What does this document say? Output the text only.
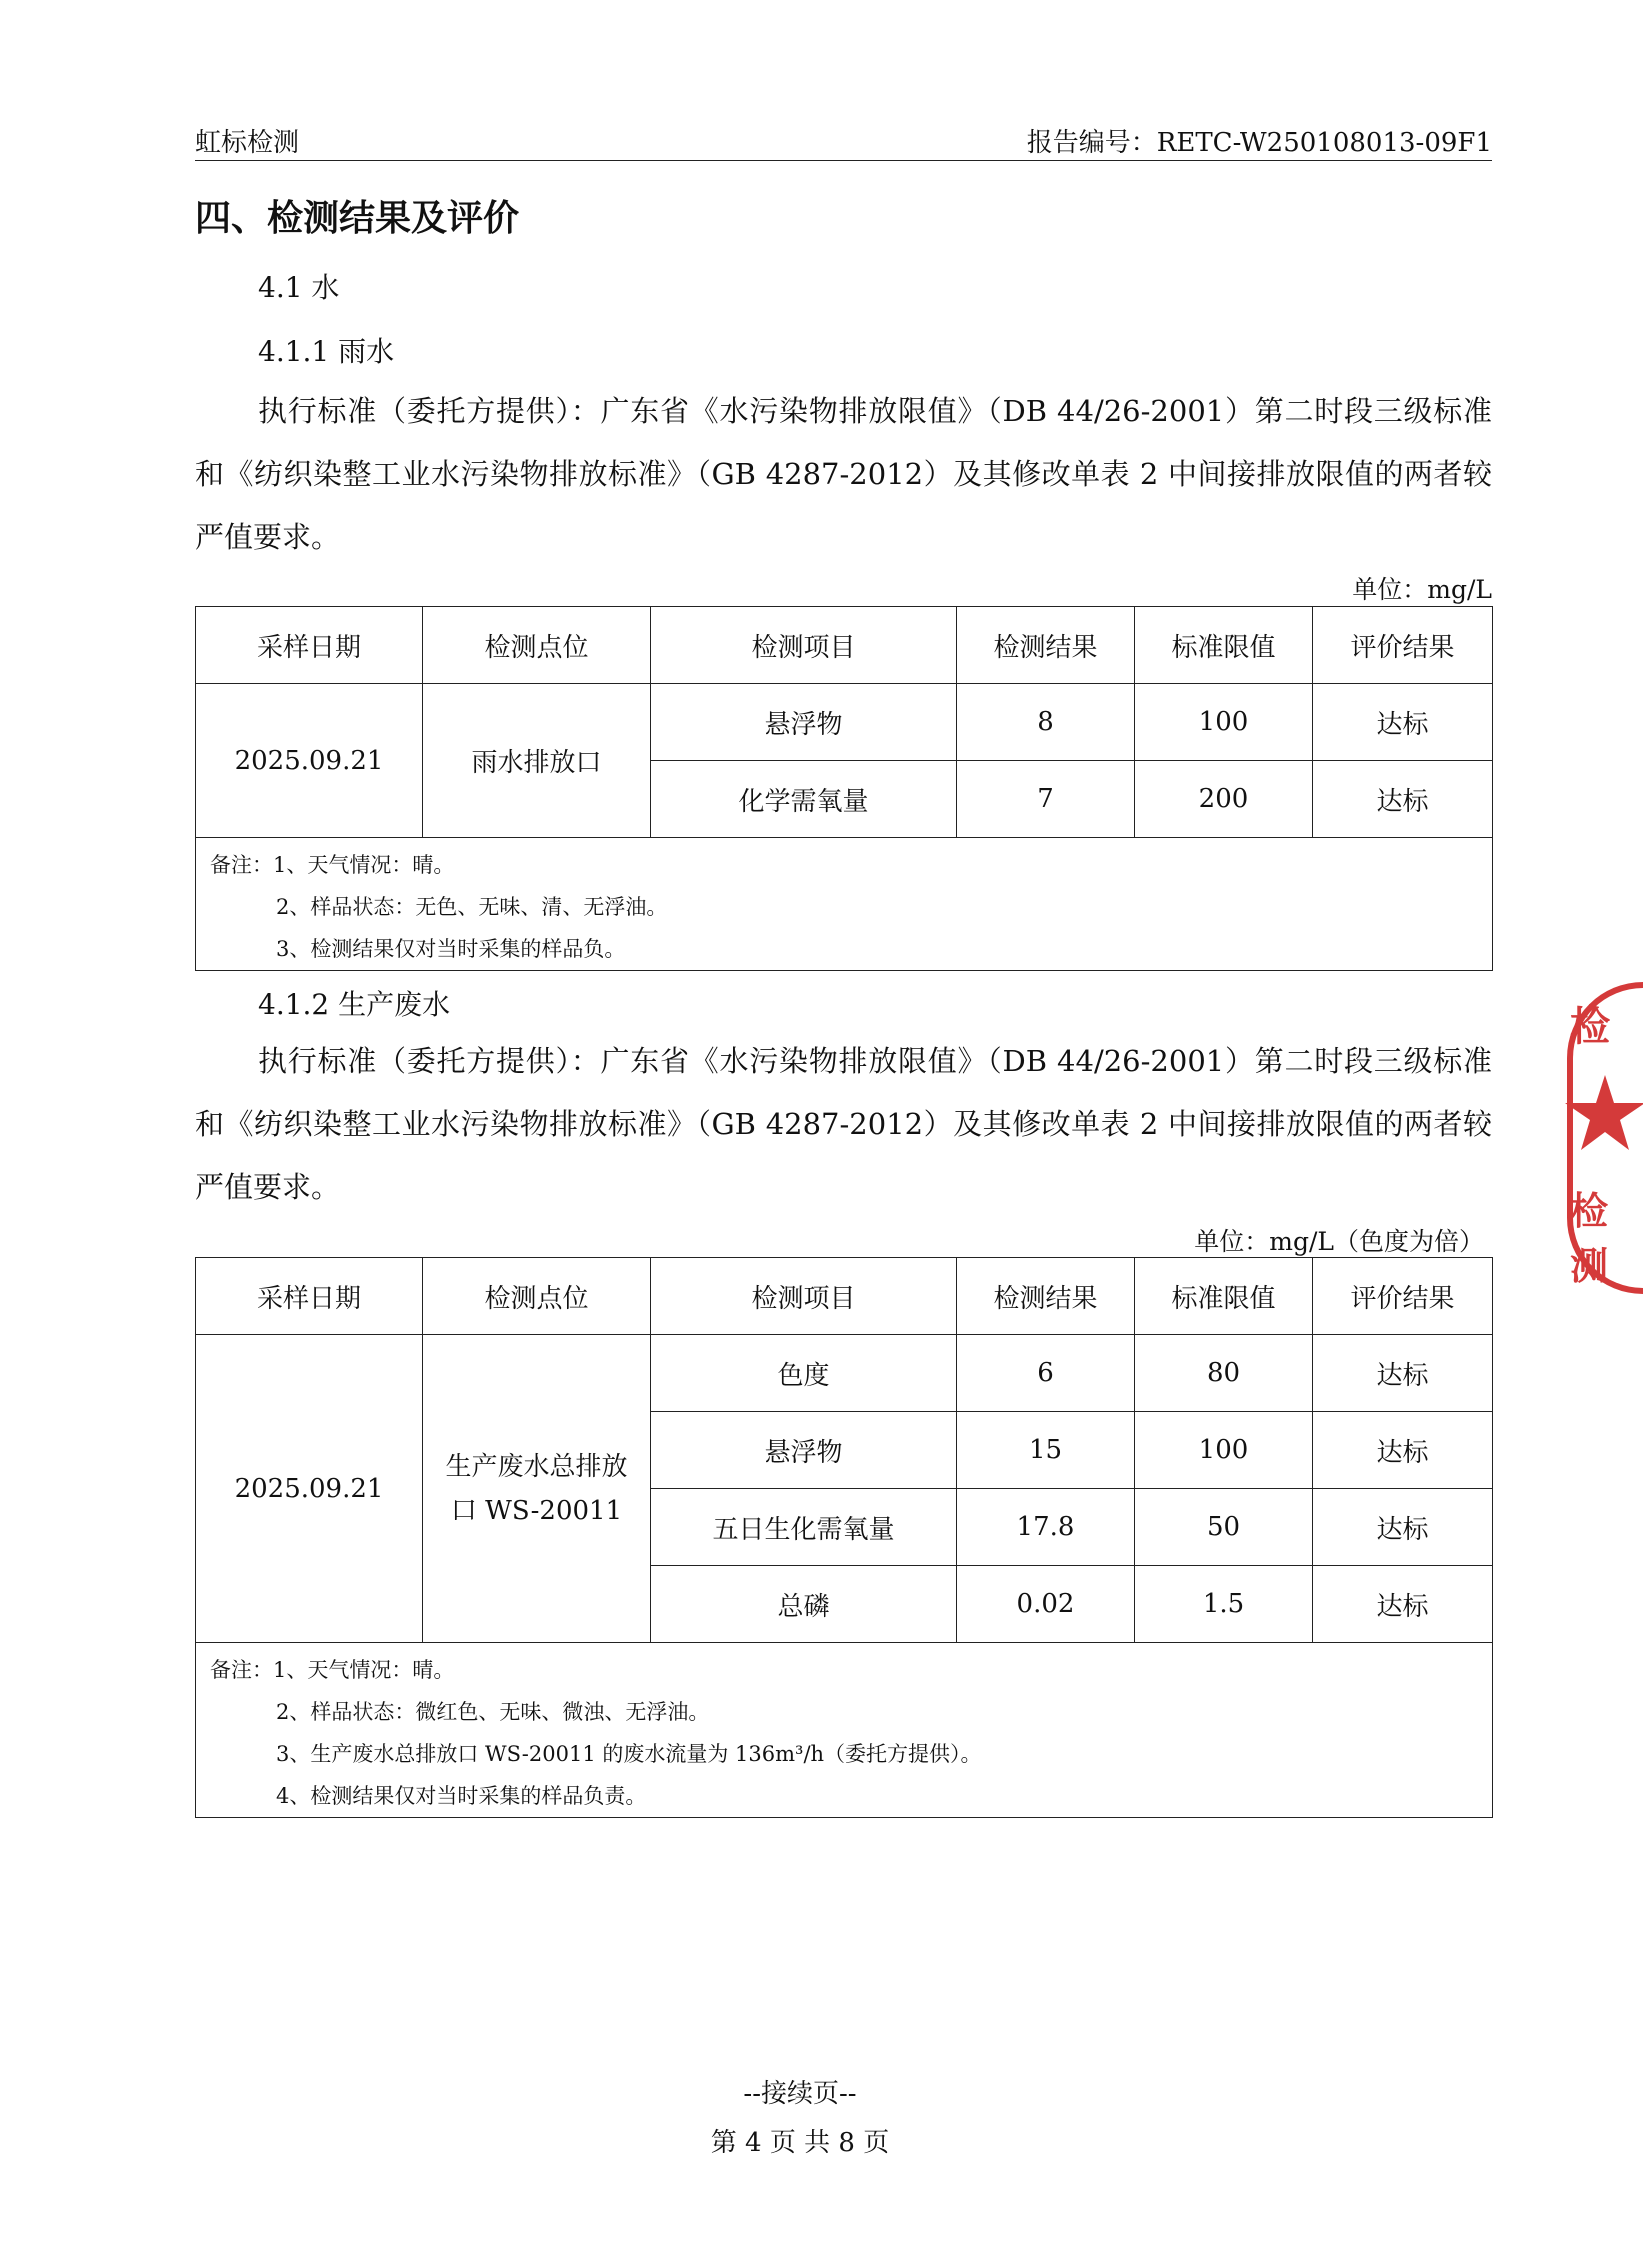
虹标检测	报告编号：RETC-W250108013-09F1
四、检测结果及评价
4.1 水
4.1.1 雨水
执行标准（委托方提供）：广东省《水污染物排放限值》（DB 44/26-2001）第二时段三级标准和《纺织染整工业水污染物排放标准》（GB 4287-2012）及其修改单表 2 中间接排放限值的两者较严值要求。
单位：mg/L
采样日期	检测点位	检测项目	检测结果	标准限值	评价结果
2025.09.21	雨水排放口	悬浮物	8	100	达标
		化学需氧量	7	200	达标

备注：1、天气情况：晴。
2、样品状态：无色、无味、清、无浮油。
3、检测结果仅对当时采集的样品负。					
4.1.2 生产废水
执行标准（委托方提供）：广东省《水污染物排放限值》（DB 44/26-2001）第二时段三级标准和《纺织染整工业水污染物排放标准》（GB 4287-2012）及其修改单表 2 中间接排放限值的两者较严值要求。
单位：mg/L（色度为倍）
采样日期	检测点位	检测项目	检测结果	标准限值	评价结果
2025.09.21	生产废水总排放口 WS-20011	色度	6	80	达标
		悬浮物	15	100	达标
		五日生化需氧量	17.8	50	达标
		总磷	0.02	1.5	达标

备注：1、天气情况：晴。
2、样品状态：微红色、无味、微浊、无浮油。
3、生产废水总排放口 WS-20011 的废水流量为 136m³/h（委托方提供）。
4、检测结果仅对当时采集的样品负责。					
--接续页--
第 4 页 共 8 页
检
检测
